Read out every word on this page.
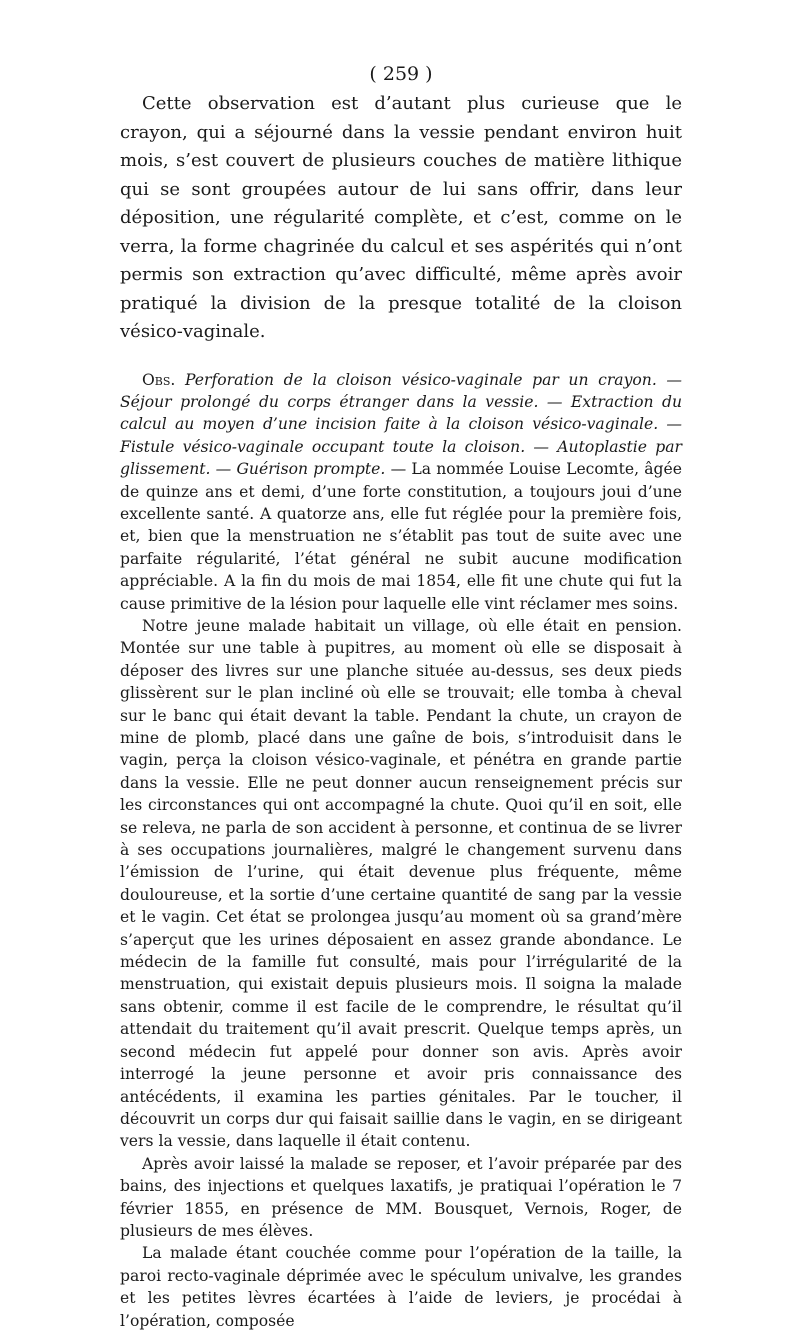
( 259 )

Cette observation est d’autant plus curieuse que le crayon, qui a séjourné dans la vessie pendant environ huit mois, s’est couvert de plusieurs couches de matière lithique qui se sont groupées autour de lui sans offrir, dans leur déposition, une régularité complète, et c’est, comme on le verra, la forme chagrinée du calcul et ses aspérités qui n’ont permis son extraction qu’avec difficulté, même après avoir pratiqué la division de la presque totalité de la cloison vésico-vaginale.

Obs. Perforation de la cloison vésico-vaginale par un crayon. — Séjour prolongé du corps étranger dans la vessie. — Extraction du calcul au moyen d’une incision faite à la cloison vésico-vaginale. — Fistule vésico-vaginale occupant toute la cloison. — Autoplastie par glissement. — Guérison prompte. — La nommée Louise Lecomte, âgée de quinze ans et demi, d’une forte constitution, a toujours joui d’une excellente santé. A quatorze ans, elle fut réglée pour la première fois, et, bien que la menstruation ne s’établit pas tout de suite avec une parfaite régularité, l’état général ne subit aucune modification appréciable. A la fin du mois de mai 1854, elle fit une chute qui fut la cause primitive de la lésion pour laquelle elle vint réclamer mes soins.

Notre jeune malade habitait un village, où elle était en pension. Montée sur une table à pupitres, au moment où elle se disposait à déposer des livres sur une planche située au-dessus, ses deux pieds glissèrent sur le plan incliné où elle se trouvait; elle tomba à cheval sur le banc qui était devant la table. Pendant la chute, un crayon de mine de plomb, placé dans une gaîne de bois, s’introduisit dans le vagin, perça la cloison vésico-vaginale, et pénétra en grande partie dans la vessie. Elle ne peut donner aucun renseignement précis sur les circonstances qui ont accompagné la chute. Quoi qu’il en soit, elle se releva, ne parla de son accident à personne, et continua de se livrer à ses occupations journalières, malgré le changement survenu dans l’émission de l’urine, qui était devenue plus fréquente, même douloureuse, et la sortie d’une certaine quantité de sang par la vessie et le vagin. Cet état se prolongea jusqu’au moment où sa grand’mère s’aperçut que les urines déposaient en assez grande abondance. Le médecin de la famille fut consulté, mais pour l’irrégularité de la menstruation, qui existait depuis plusieurs mois. Il soigna la malade sans obtenir, comme il est facile de le comprendre, le résultat qu’il attendait du traitement qu’il avait prescrit. Quelque temps après, un second médecin fut appelé pour donner son avis. Après avoir interrogé la jeune personne et avoir pris connaissance des antécédents, il examina les parties génitales. Par le toucher, il découvrit un corps dur qui faisait saillie dans le vagin, en se dirigeant vers la vessie, dans laquelle il était contenu.

Après avoir laissé la malade se reposer, et l’avoir préparée par des bains, des injections et quelques laxatifs, je pratiquai l’opération le 7 février 1855, en présence de MM. Bousquet, Vernois, Roger, de plusieurs de mes élèves.

La malade étant couchée comme pour l’opération de la taille, la paroi recto-vaginale déprimée avec le spéculum univalve, les grandes et les petites lèvres écartées à l’aide de leviers, je procédai à l’opération, composée
